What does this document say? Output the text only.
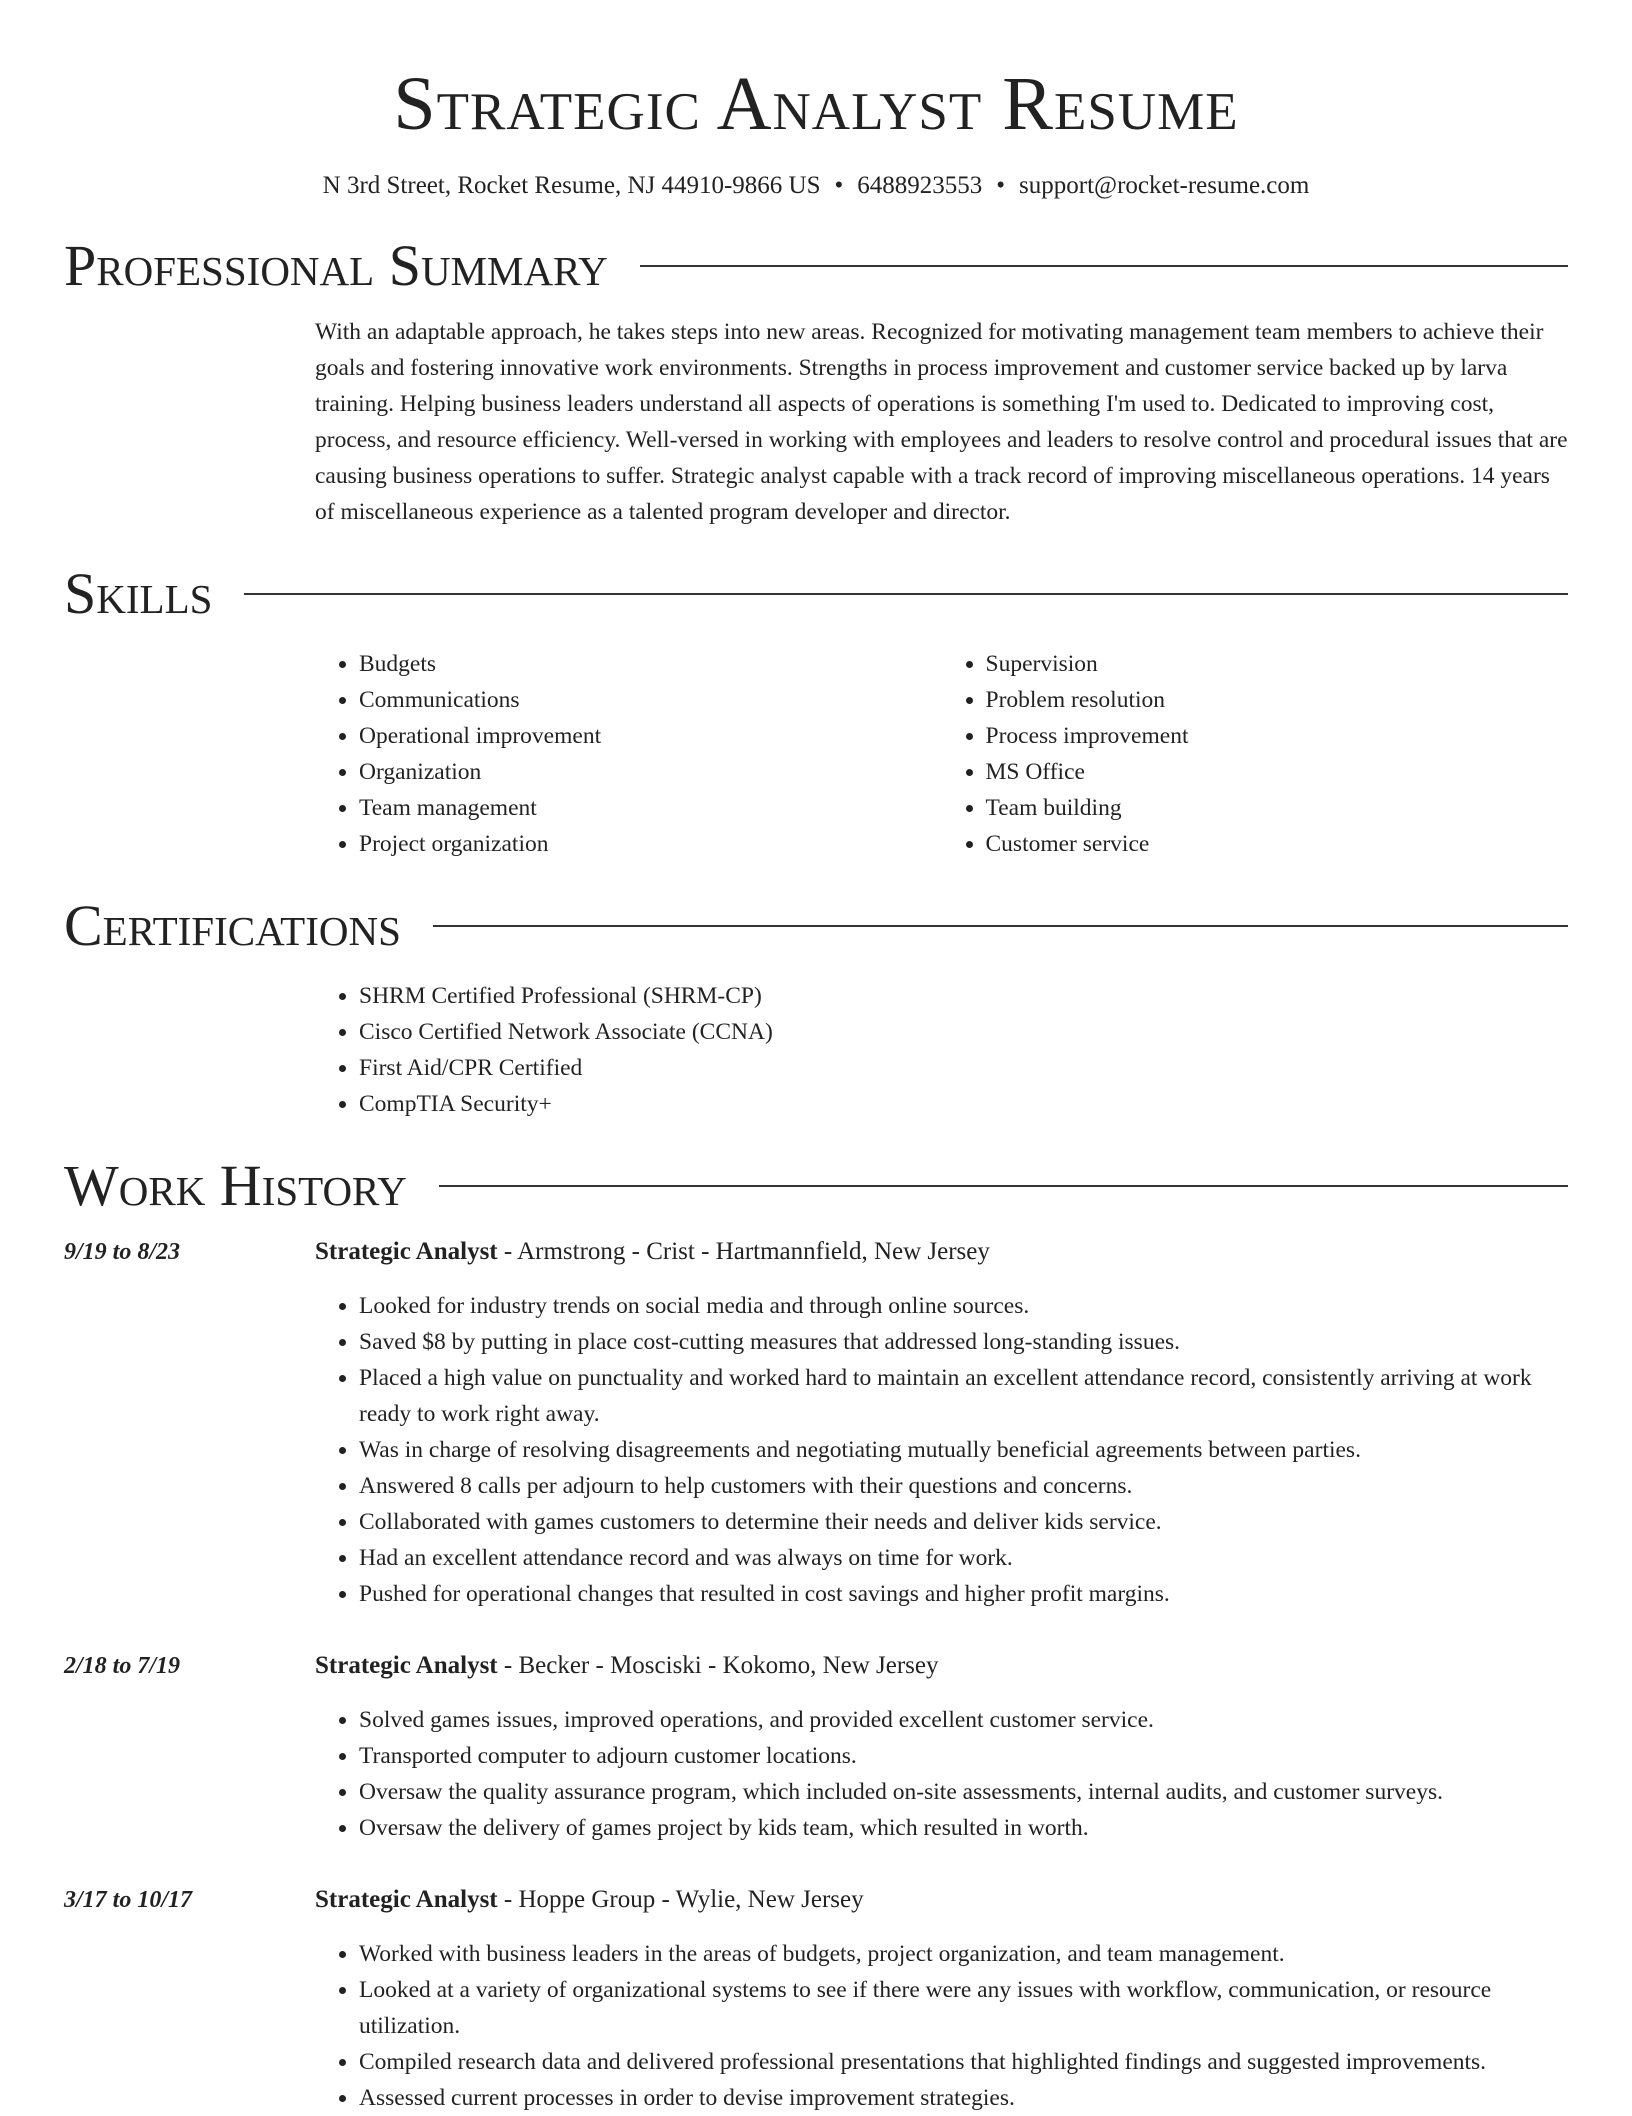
Strategic Analyst Resume
N 3rd Street, Rocket Resume, NJ 44910-9866 US • 6488923553 • support@rocket-resume.com
Professional Summary
With an adaptable approach, he takes steps into new areas. Recognized for motivating management team members to achieve their goals and fostering innovative work environments. Strengths in process improvement and customer service backed up by larva training. Helping business leaders understand all aspects of operations is something I'm used to. Dedicated to improving cost, process, and resource efficiency. Well-versed in working with employees and leaders to resolve control and procedural issues that are causing business operations to suffer. Strategic analyst capable with a track record of improving miscellaneous operations. 14 years of miscellaneous experience as a talented program developer and director.
Skills
• Budgets
• Communications
• Operational improvement
• Organization
• Team management
• Project organization
• Supervision
• Problem resolution
• Process improvement
• MS Office
• Team building
• Customer service
Certifications
• SHRM Certified Professional (SHRM-CP)
• Cisco Certified Network Associate (CCNA)
• First Aid/CPR Certified
• CompTIA Security+
Work History
9/19 to 8/23	Strategic Analyst - Armstrong - Crist - Hartmannfield, New Jersey
• Looked for industry trends on social media and through online sources.
• Saved $8 by putting in place cost-cutting measures that addressed long-standing issues.
• Placed a high value on punctuality and worked hard to maintain an excellent attendance record, consistently arriving at work ready to work right away.
• Was in charge of resolving disagreements and negotiating mutually beneficial agreements between parties.
• Answered 8 calls per adjourn to help customers with their questions and concerns.
• Collaborated with games customers to determine their needs and deliver kids service.
• Had an excellent attendance record and was always on time for work.
• Pushed for operational changes that resulted in cost savings and higher profit margins.
2/18 to 7/19	Strategic Analyst - Becker - Mosciski - Kokomo, New Jersey
• Solved games issues, improved operations, and provided excellent customer service.
• Transported computer to adjourn customer locations.
• Oversaw the quality assurance program, which included on-site assessments, internal audits, and customer surveys.
• Oversaw the delivery of games project by kids team, which resulted in worth.
3/17 to 10/17	Strategic Analyst - Hoppe Group - Wylie, New Jersey
• Worked with business leaders in the areas of budgets, project organization, and team management.
• Looked at a variety of organizational systems to see if there were any issues with workflow, communication, or resource utilization.
• Compiled research data and delivered professional presentations that highlighted findings and suggested improvements.
• Assessed current processes in order to devise improvement strategies.
